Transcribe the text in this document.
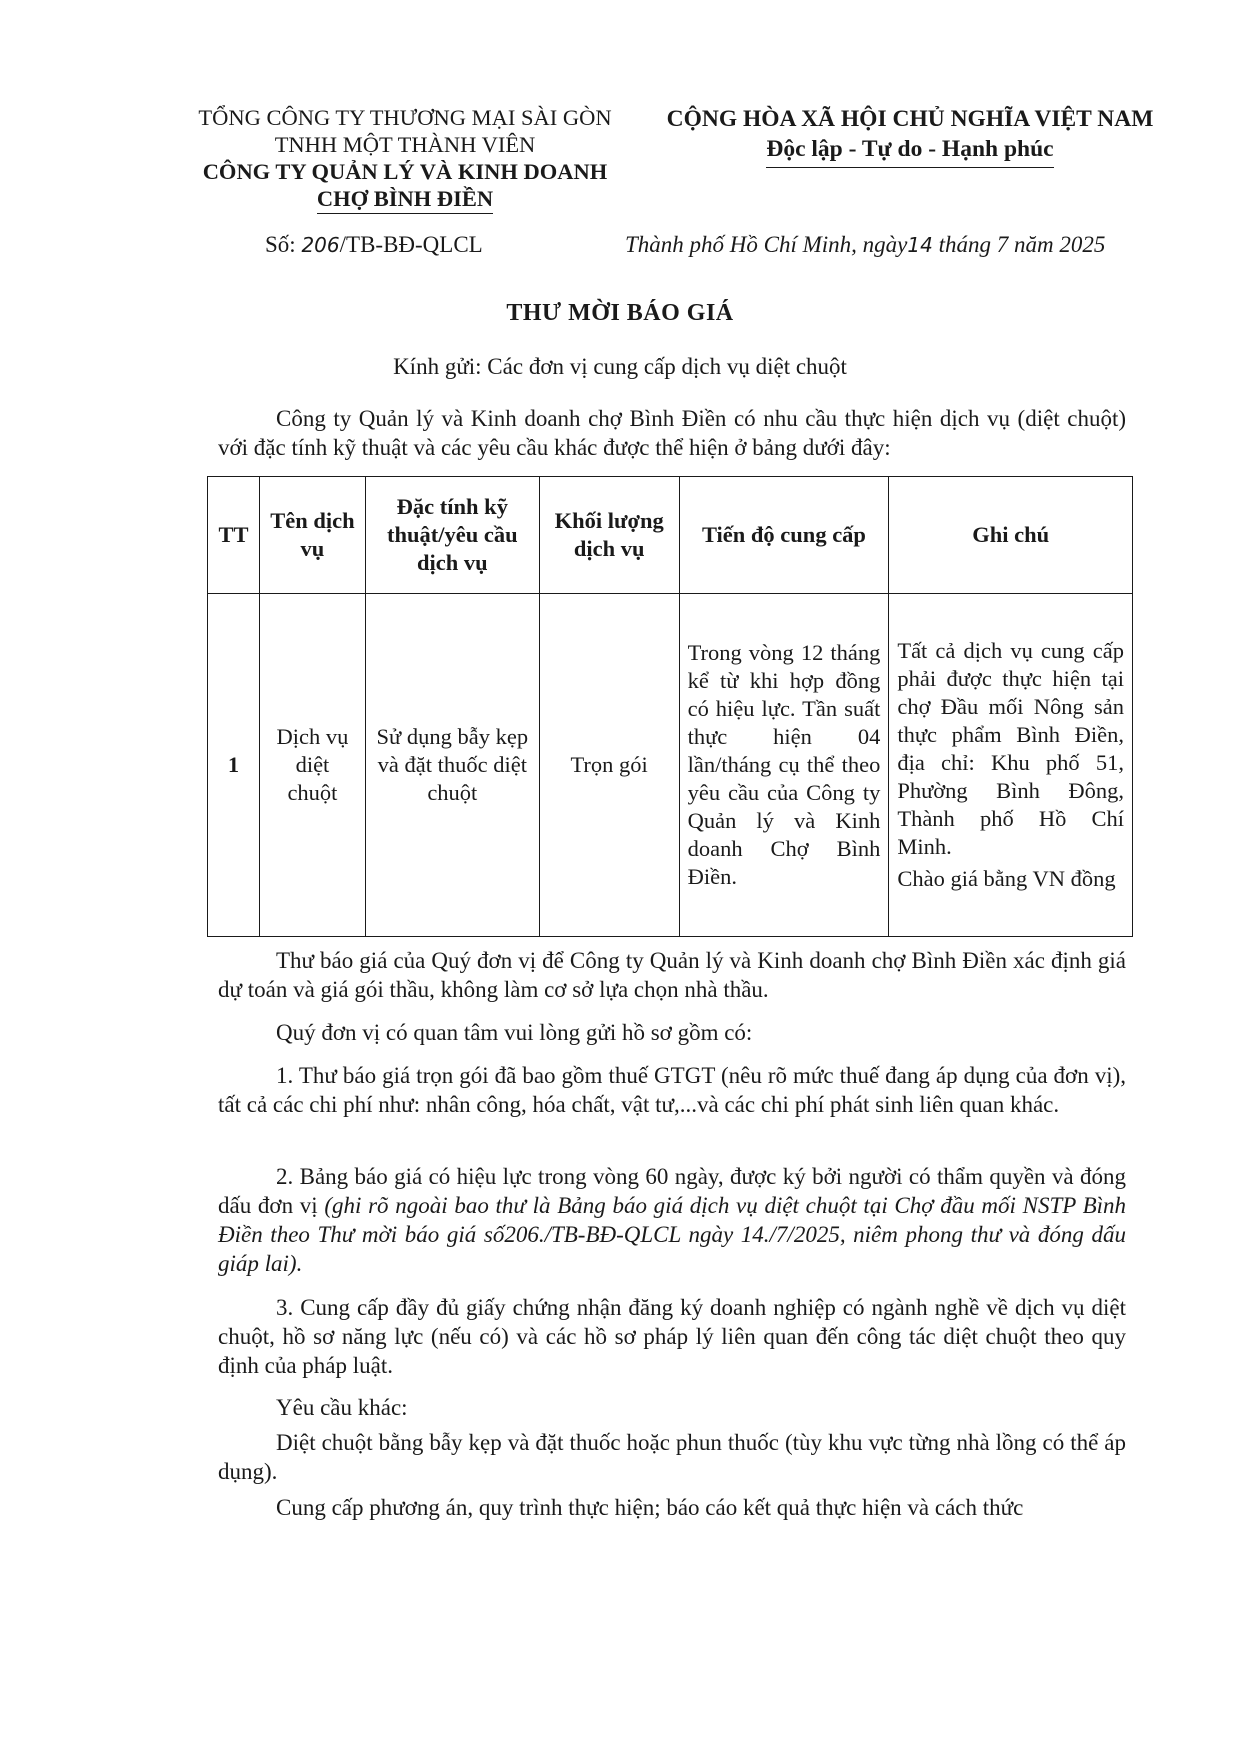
TỔNG CÔNG TY THƯƠNG MẠI SÀI GÒN
TNHH MỘT THÀNH VIÊN
CÔNG TY QUẢN LÝ VÀ KINH DOANH
CHỢ BÌNH ĐIỀN
CỘNG HÒA XÃ HỘI CHỦ NGHĨA VIỆT NAM
Độc lập - Tự do - Hạnh phúc
Số: 206/TB-BĐ-QLCL	Thành phố Hồ Chí Minh, ngày14 tháng 7 năm 2025
THƯ MỜI BÁO GIÁ
Kính gửi: Các đơn vị cung cấp dịch vụ diệt chuột
Công ty Quản lý và Kinh doanh chợ Bình Điền có nhu cầu thực hiện dịch vụ (diệt chuột) với đặc tính kỹ thuật và các yêu cầu khác được thể hiện ở bảng dưới đây:
TT	Tên dịch vụ	Đặc tính kỹ thuật/yêu cầu dịch vụ	Khối lượng dịch vụ	Tiến độ cung cấp	Ghi chú
1	Dịch vụ diệt chuột	Sử dụng bẫy kẹp và đặt thuốc diệt chuột	Trọn gói	Trong vòng 12 tháng kể từ khi hợp đồng có hiệu lực. Tần suất thực hiện 04 lần/tháng cụ thể theo yêu cầu của Công ty Quản lý và Kinh doanh Chợ Bình Điền.	Tất cả dịch vụ cung cấp phải được thực hiện tại chợ Đầu mối Nông sản thực phẩm Bình Điền, địa chỉ: Khu phố 51, Phường Bình Đông, Thành phố Hồ Chí Minh.
Chào giá bằng VN đồng
Thư báo giá của Quý đơn vị để Công ty Quản lý và Kinh doanh chợ Bình Điền xác định giá dự toán và giá gói thầu, không làm cơ sở lựa chọn nhà thầu.
Quý đơn vị có quan tâm vui lòng gửi hồ sơ gồm có:
1. Thư báo giá trọn gói đã bao gồm thuế GTGT (nêu rõ mức thuế đang áp dụng của đơn vị), tất cả các chi phí như: nhân công, hóa chất, vật tư,...và các chi phí phát sinh liên quan khác.
2. Bảng báo giá có hiệu lực trong vòng 60 ngày, được ký bởi người có thẩm quyền và đóng dấu đơn vị (ghi rõ ngoài bao thư là Bảng báo giá dịch vụ diệt chuột tại Chợ đầu mối NSTP Bình Điền theo Thư mời báo giá số206./TB-BĐ-QLCL ngày 14./7/2025, niêm phong thư và đóng dấu giáp lai).
3. Cung cấp đầy đủ giấy chứng nhận đăng ký doanh nghiệp có ngành nghề về dịch vụ diệt chuột, hồ sơ năng lực (nếu có) và các hồ sơ pháp lý liên quan đến công tác diệt chuột theo quy định của pháp luật.
Yêu cầu khác:
Diệt chuột bằng bẫy kẹp và đặt thuốc hoặc phun thuốc (tùy khu vực từng nhà lồng có thể áp dụng).
Cung cấp phương án, quy trình thực hiện; báo cáo kết quả thực hiện và cách thức
